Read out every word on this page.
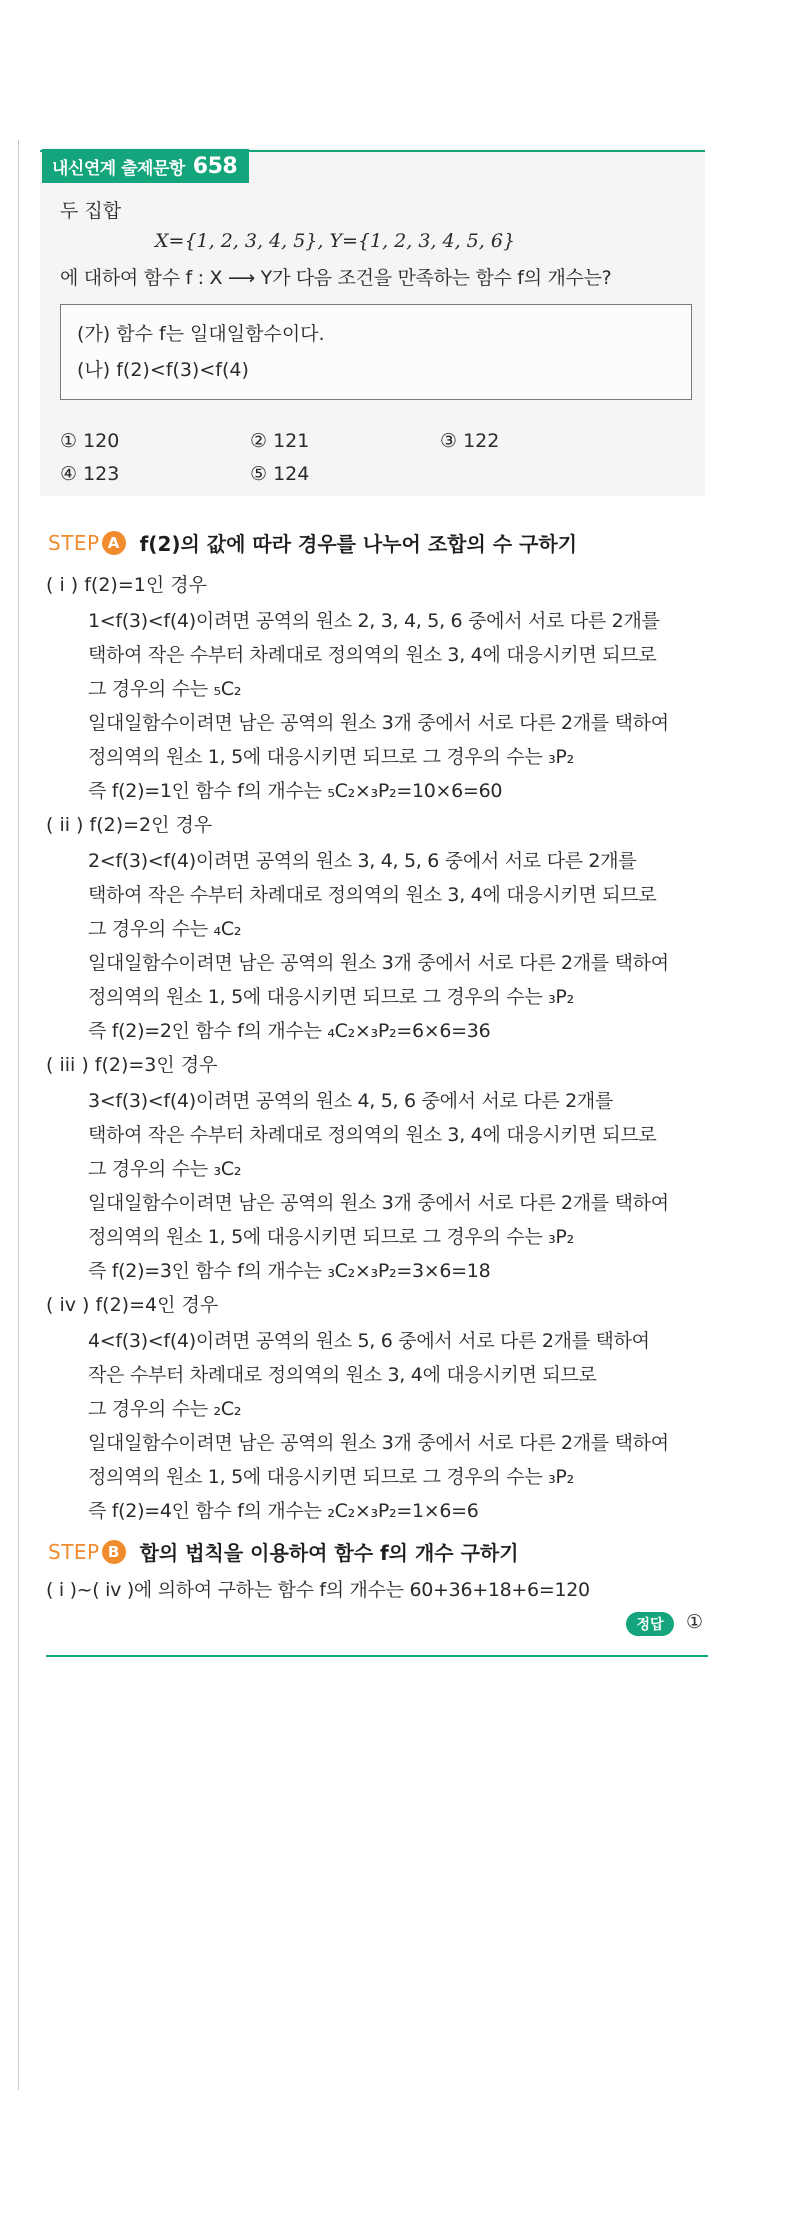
내신연계 출제문항 658
두 집합
X={1, 2, 3, 4, 5}, Y={1, 2, 3, 4, 5, 6}
에 대하여 함수 f : X ⟶ Y가 다음 조건을 만족하는 함수 f의 개수는?
(가) 함수 f는 일대일함수이다.
(나) f(2)<f(3)<f(4)
① 120	② 121	③ 122
④ 123	⑤ 124
STEP A	f(2)의 값에 따라 경우를 나누어 조합의 수 구하기
( i ) f(2)=1인 경우
1<f(3)<f(4)이려면 공역의 원소 2, 3, 4, 5, 6 중에서 서로 다른 2개를
택하여 작은 수부터 차례대로 정의역의 원소 3, 4에 대응시키면 되므로
그 경우의 수는 ₅C₂
일대일함수이려면 남은 공역의 원소 3개 중에서 서로 다른 2개를 택하여
정의역의 원소 1, 5에 대응시키면 되므로 그 경우의 수는 ₃P₂
즉 f(2)=1인 함수 f의 개수는 ₅C₂×₃P₂=10×6=60
( ii ) f(2)=2인 경우
2<f(3)<f(4)이려면 공역의 원소 3, 4, 5, 6 중에서 서로 다른 2개를
택하여 작은 수부터 차례대로 정의역의 원소 3, 4에 대응시키면 되므로
그 경우의 수는 ₄C₂
일대일함수이려면 남은 공역의 원소 3개 중에서 서로 다른 2개를 택하여
정의역의 원소 1, 5에 대응시키면 되므로 그 경우의 수는 ₃P₂
즉 f(2)=2인 함수 f의 개수는 ₄C₂×₃P₂=6×6=36
( iii ) f(2)=3인 경우
3<f(3)<f(4)이려면 공역의 원소 4, 5, 6 중에서 서로 다른 2개를
택하여 작은 수부터 차례대로 정의역의 원소 3, 4에 대응시키면 되므로
그 경우의 수는 ₃C₂
일대일함수이려면 남은 공역의 원소 3개 중에서 서로 다른 2개를 택하여
정의역의 원소 1, 5에 대응시키면 되므로 그 경우의 수는 ₃P₂
즉 f(2)=3인 함수 f의 개수는 ₃C₂×₃P₂=3×6=18
( iv ) f(2)=4인 경우
4<f(3)<f(4)이려면 공역의 원소 5, 6 중에서 서로 다른 2개를 택하여
작은 수부터 차례대로 정의역의 원소 3, 4에 대응시키면 되므로
그 경우의 수는 ₂C₂
일대일함수이려면 남은 공역의 원소 3개 중에서 서로 다른 2개를 택하여
정의역의 원소 1, 5에 대응시키면 되므로 그 경우의 수는 ₃P₂
즉 f(2)=4인 함수 f의 개수는 ₂C₂×₃P₂=1×6=6
STEP B	합의 법칙을 이용하여 함수 f의 개수 구하기
( i )~( iv )에 의하여 구하는 함수 f의 개수는 60+36+18+6=120
정답	①
